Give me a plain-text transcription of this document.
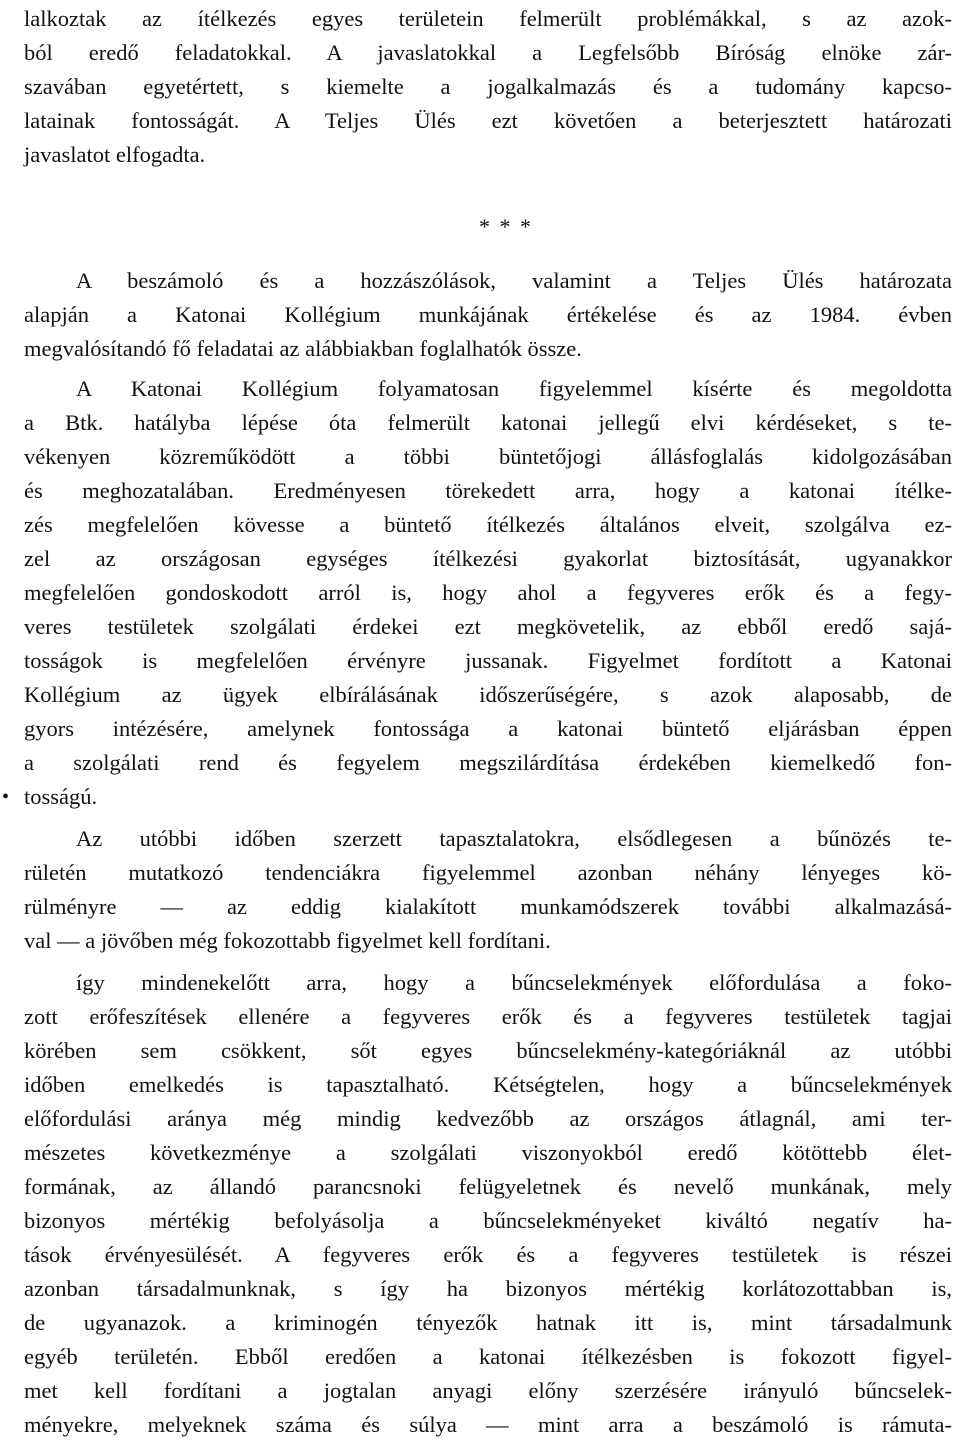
lalkoztak az ítélkezés egyes területein felmerült problémákkal, s az azok-
ból eredő feladatokkal. A javaslatokkal a Legfelsőbb Bíróság elnöke zár-
szavában egyetértett, s kiemelte a jogalkalmazás és a tudomány kapcso-
latainak fontosságát. A Teljes Ülés ezt követően a beterjesztett határozati
javaslatot elfogadta.
* * *
A beszámoló és a hozzászólások, valamint a Teljes Ülés határozata
alapján a Katonai Kollégium munkájának értékelése és az 1984. évben
megvalósítandó fő feladatai az alábbiakban foglalhatók össze.
A Katonai Kollégium folyamatosan figyelemmel kísérte és megoldotta
a Btk. hatályba lépése óta felmerült katonai jellegű elvi kérdéseket, s te-
vékenyen közreműködött a többi büntetőjogi állásfoglalás kidolgozásában
és meghozatalában. Eredményesen törekedett arra, hogy a katonai ítélke-
zés megfelelően kövesse a büntető ítélkezés általános elveit, szolgálva ez-
zel az országosan egységes ítélkezési gyakorlat biztosítását, ugyanakkor
megfelelően gondoskodott arról is, hogy ahol a fegyveres erők és a fegy-
veres testületek szolgálati érdekei ezt megkövetelik, az ebből eredő sajá-
tosságok is megfelelően érvényre jussanak. Figyelmet fordított a Katonai
Kollégium az ügyek elbírálásának időszerűségére, s azok alaposabb, de
gyors intézésére, amelynek fontossága a katonai büntető eljárásban éppen
a szolgálati rend és fegyelem megszilárdítása érdekében kiemelkedő fon-
• tosságú.
Az utóbbi időben szerzett tapasztalatokra, elsődlegesen a bűnözés te-
rületén mutatkozó tendenciákra figyelemmel azonban néhány lényeges kö-
rülményre — az eddig kialakított munkamódszerek további alkalmazásá-
val — a jövőben még fokozottabb figyelmet kell fordítani.
így mindenekelőtt arra, hogy a bűncselekmények előfordulása a foko-
zott erőfeszítések ellenére a fegyveres erők és a fegyveres testületek tagjai
körében sem csökkent, sőt egyes bűncselekmény-kategóriáknál az utóbbi
időben emelkedés is tapasztalható. Kétségtelen, hogy a bűncselekmények
előfordulási aránya még mindig kedvezőbb az országos átlagnál, ami ter-
mészetes következménye a szolgálati viszonyokból eredő kötöttebb élet-
formának, az állandó parancsnoki felügyeletnek és nevelő munkának, mely
bizonyos mértékig befolyásolja a bűncselekményeket kiváltó negatív ha-
tások érvényesülését. A fegyveres erők és a fegyveres testületek is részei
azonban társadalmunknak, s így ha bizonyos mértékig korlátozottabban is,
de ugyanazok. a kriminogén tényezők hatnak itt is, mint társadalmunk
egyéb területén. Ebből eredően a katonai ítélkezésben is fokozott figyel-
met kell fordítani a jogtalan anyagi előny szerzésére irányuló bűncselek-
ményekre, melyeknek száma és súlya — mint arra a beszámoló is rámuta-
